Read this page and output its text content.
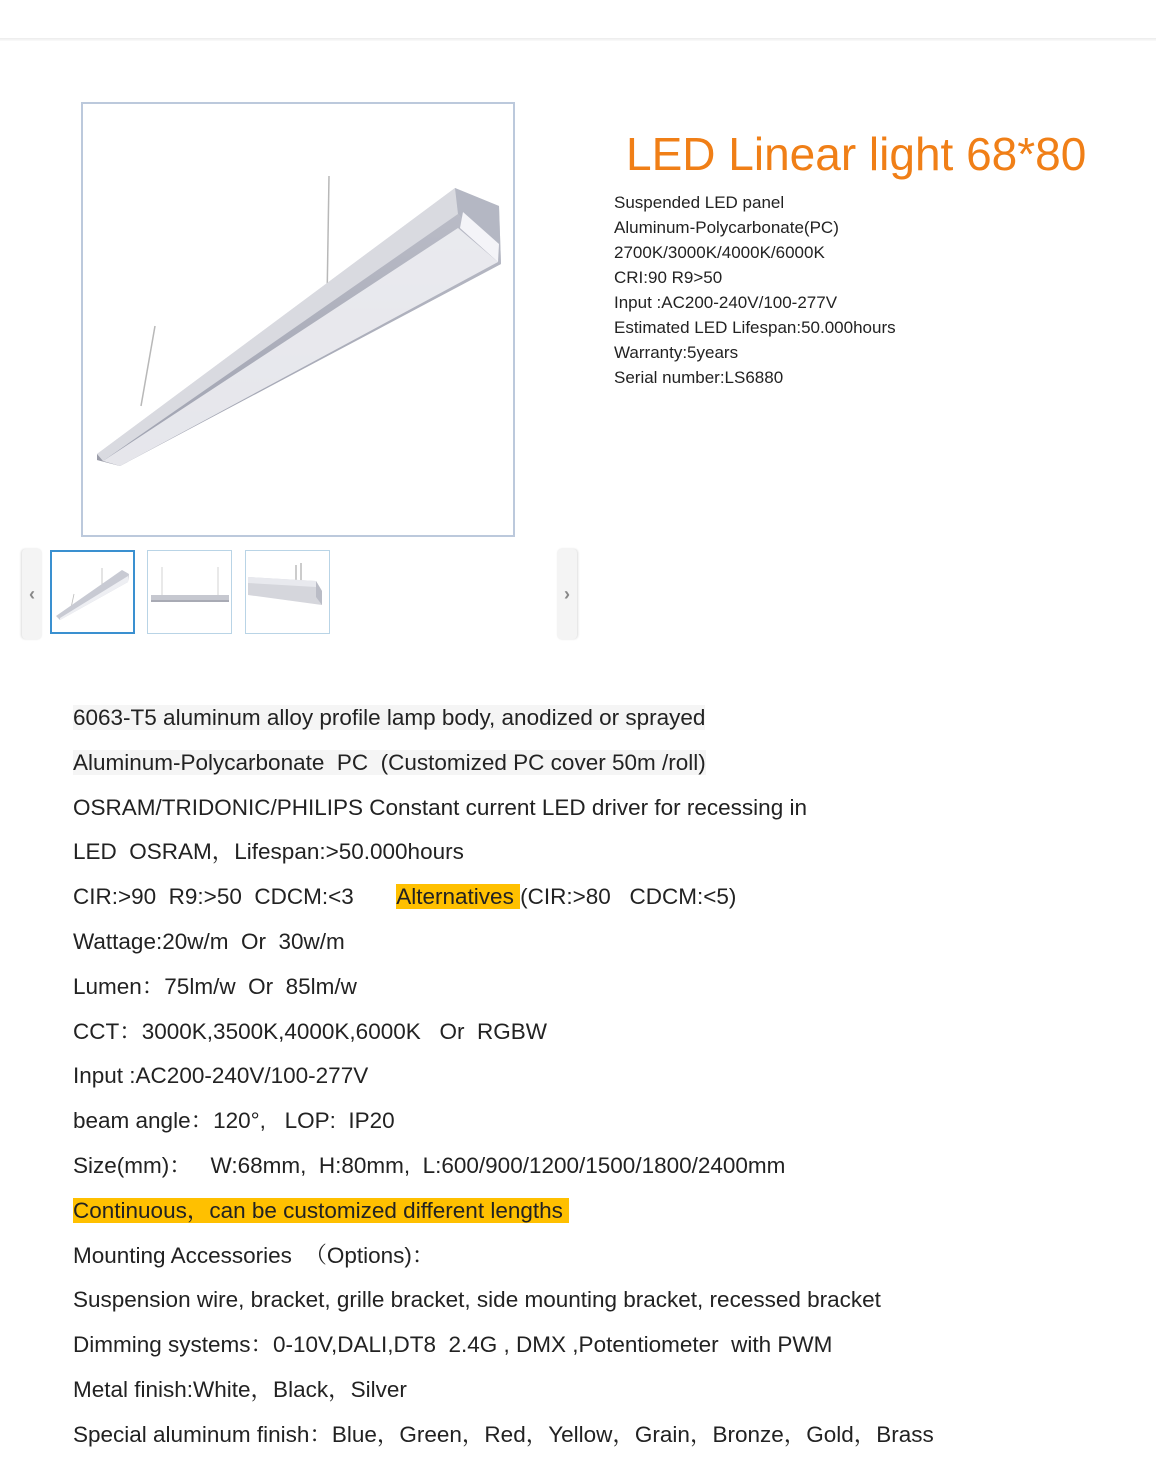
‹	›
LED Linear light 68*80
Suspended LED panel
Aluminum-Polycarbonate(PC)
2700K/3000K/4000K/6000K
CRI:90 R9>50
Input :AC200-240V/100-277V
Estimated LED Lifespan:50.000hours
Warranty:5years
Serial number:LS6880
6063-T5 aluminum alloy profile lamp body, anodized or sprayed
Aluminum-Polycarbonate  PC  (Customized PC cover 50m /roll)
OSRAM/TRIDONIC/PHILIPS Constant current LED driver for recessing in
LED  OSRAM，Lifespan:>50.000hours
CIR:>90  R9:>50  CDCM:<3       Alternatives (CIR:>80   CDCM:<5)
Wattage:20w/m  Or  30w/m
Lumen：75lm/w  Or  85lm/w
CCT：3000K,3500K,4000K,6000K   Or  RGBW
Input :AC200-240V/100-277V
beam angle：120°,   LOP:  IP20
Size(mm)：   W:68mm,  H:80mm,  L:600/900/1200/1500/1800/2400mm
Continuous，can be customized different lengths
Mounting Accessories  （Options)：
Suspension wire, bracket, grille bracket, side mounting bracket, recessed bracket
Dimming systems：0-10V,DALI,DT8  2.4G , DMX ,Potentiometer  with PWM
Metal finish:White，Black，Silver
Special aluminum finish：Blue，Green，Red，Yellow，Grain，Bronze，Gold，Brass
